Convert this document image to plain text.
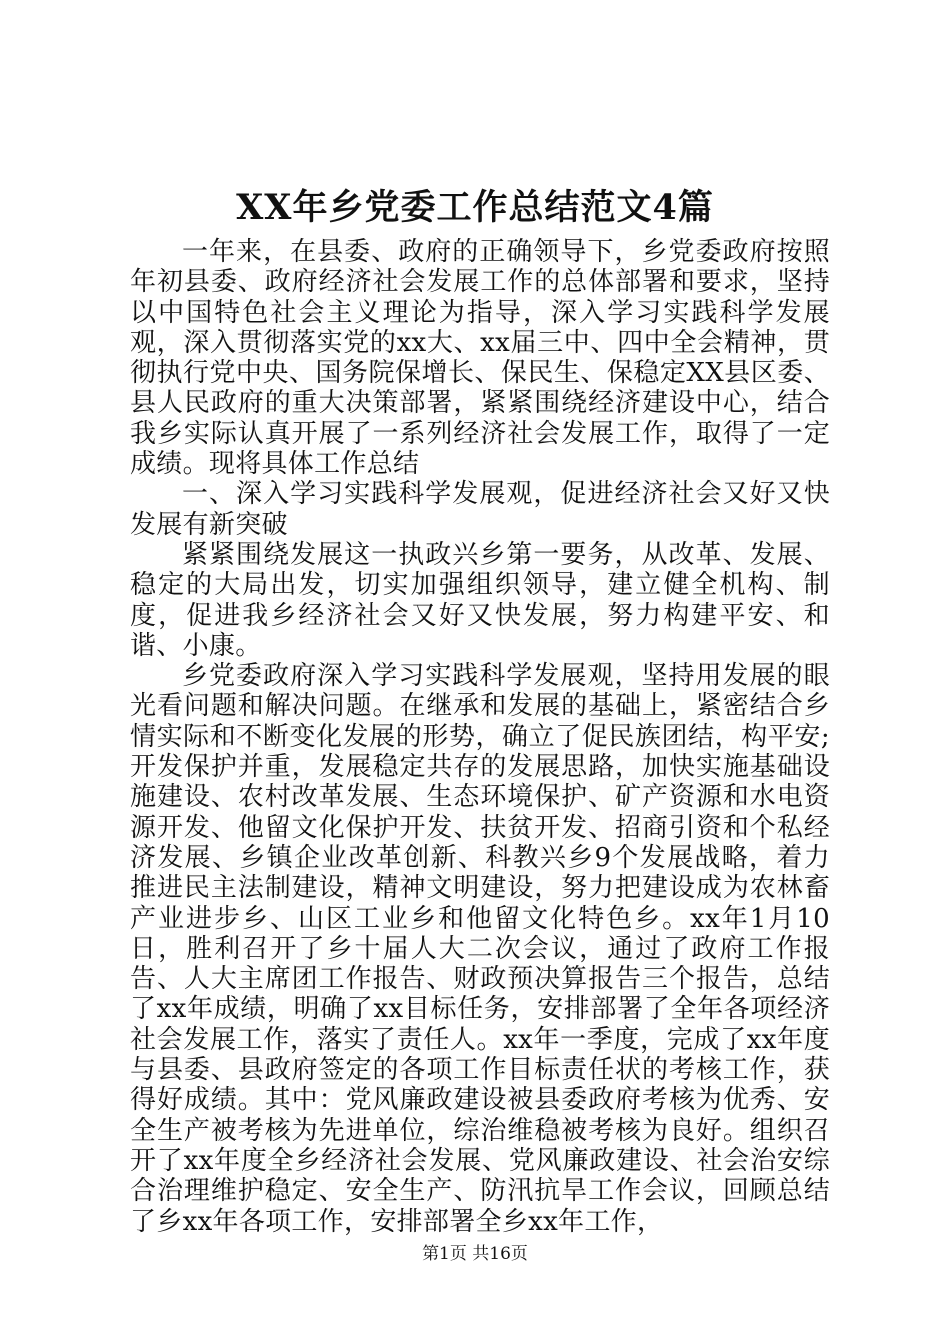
XX年乡党委工作总结范文4篇

一年来，在县委、政府的正确领导下，乡党委政府按照年初县委、政府经济社会发展工作的总体部署和要求，坚持以中国特色社会主义理论为指导，深入学习实践科学发展观，深入贯彻落实党的xx大、xx届三中、四中全会精神，贯彻执行党中央、国务院保增长、保民生、保稳定XX县区委、县人民政府的重大决策部署，紧紧围绕经济建设中心，结合我乡实际认真开展了一系列经济社会发展工作，取得了一定成绩。现将具体工作总结

一、深入学习实践科学发展观，促进经济社会又好又快发展有新突破

紧紧围绕发展这一执政兴乡第一要务，从改革、发展、稳定的大局出发，切实加强组织领导，建立健全机构、制度，促进我乡经济社会又好又快发展，努力构建平安、和谐、小康。

乡党委政府深入学习实践科学发展观，坚持用发展的眼光看问题和解决问题。在继承和发展的基础上，紧密结合乡情实际和不断变化发展的形势，确立了促民族团结，构平安;开发保护并重，发展稳定共存的发展思路，加快实施基础设施建设、农村改革发展、生态环境保护、矿产资源和水电资源开发、他留文化保护开发、扶贫开发、招商引资和个私经济发展、乡镇企业改革创新、科教兴乡9个发展战略，着力推进民主法制建设，精神文明建设，努力把建设成为农林畜产业进步乡、山区工业乡和他留文化特色乡。xx年1月10日，胜利召开了乡十届人大二次会议，通过了政府工作报告、人大主席团工作报告、财政预决算报告三个报告，总结了xx年成绩，明确了xx目标任务，安排部署了全年各项经济社会发展工作，落实了责任人。xx年一季度，完成了xx年度与县委、县政府签定的各项工作目标责任状的考核工作，获得好成绩。其中：党风廉政建设被县委政府考核为优秀、安全生产被考核为先进单位，综治维稳被考核为良好。组织召开了xx年度全乡经济社会发展、党风廉政建设、社会治安综合治理维护稳定、安全生产、防汛抗旱工作会议，回顾总结了乡xx年各项工作，安排部署全乡xx年工作，

第1页 共16页
